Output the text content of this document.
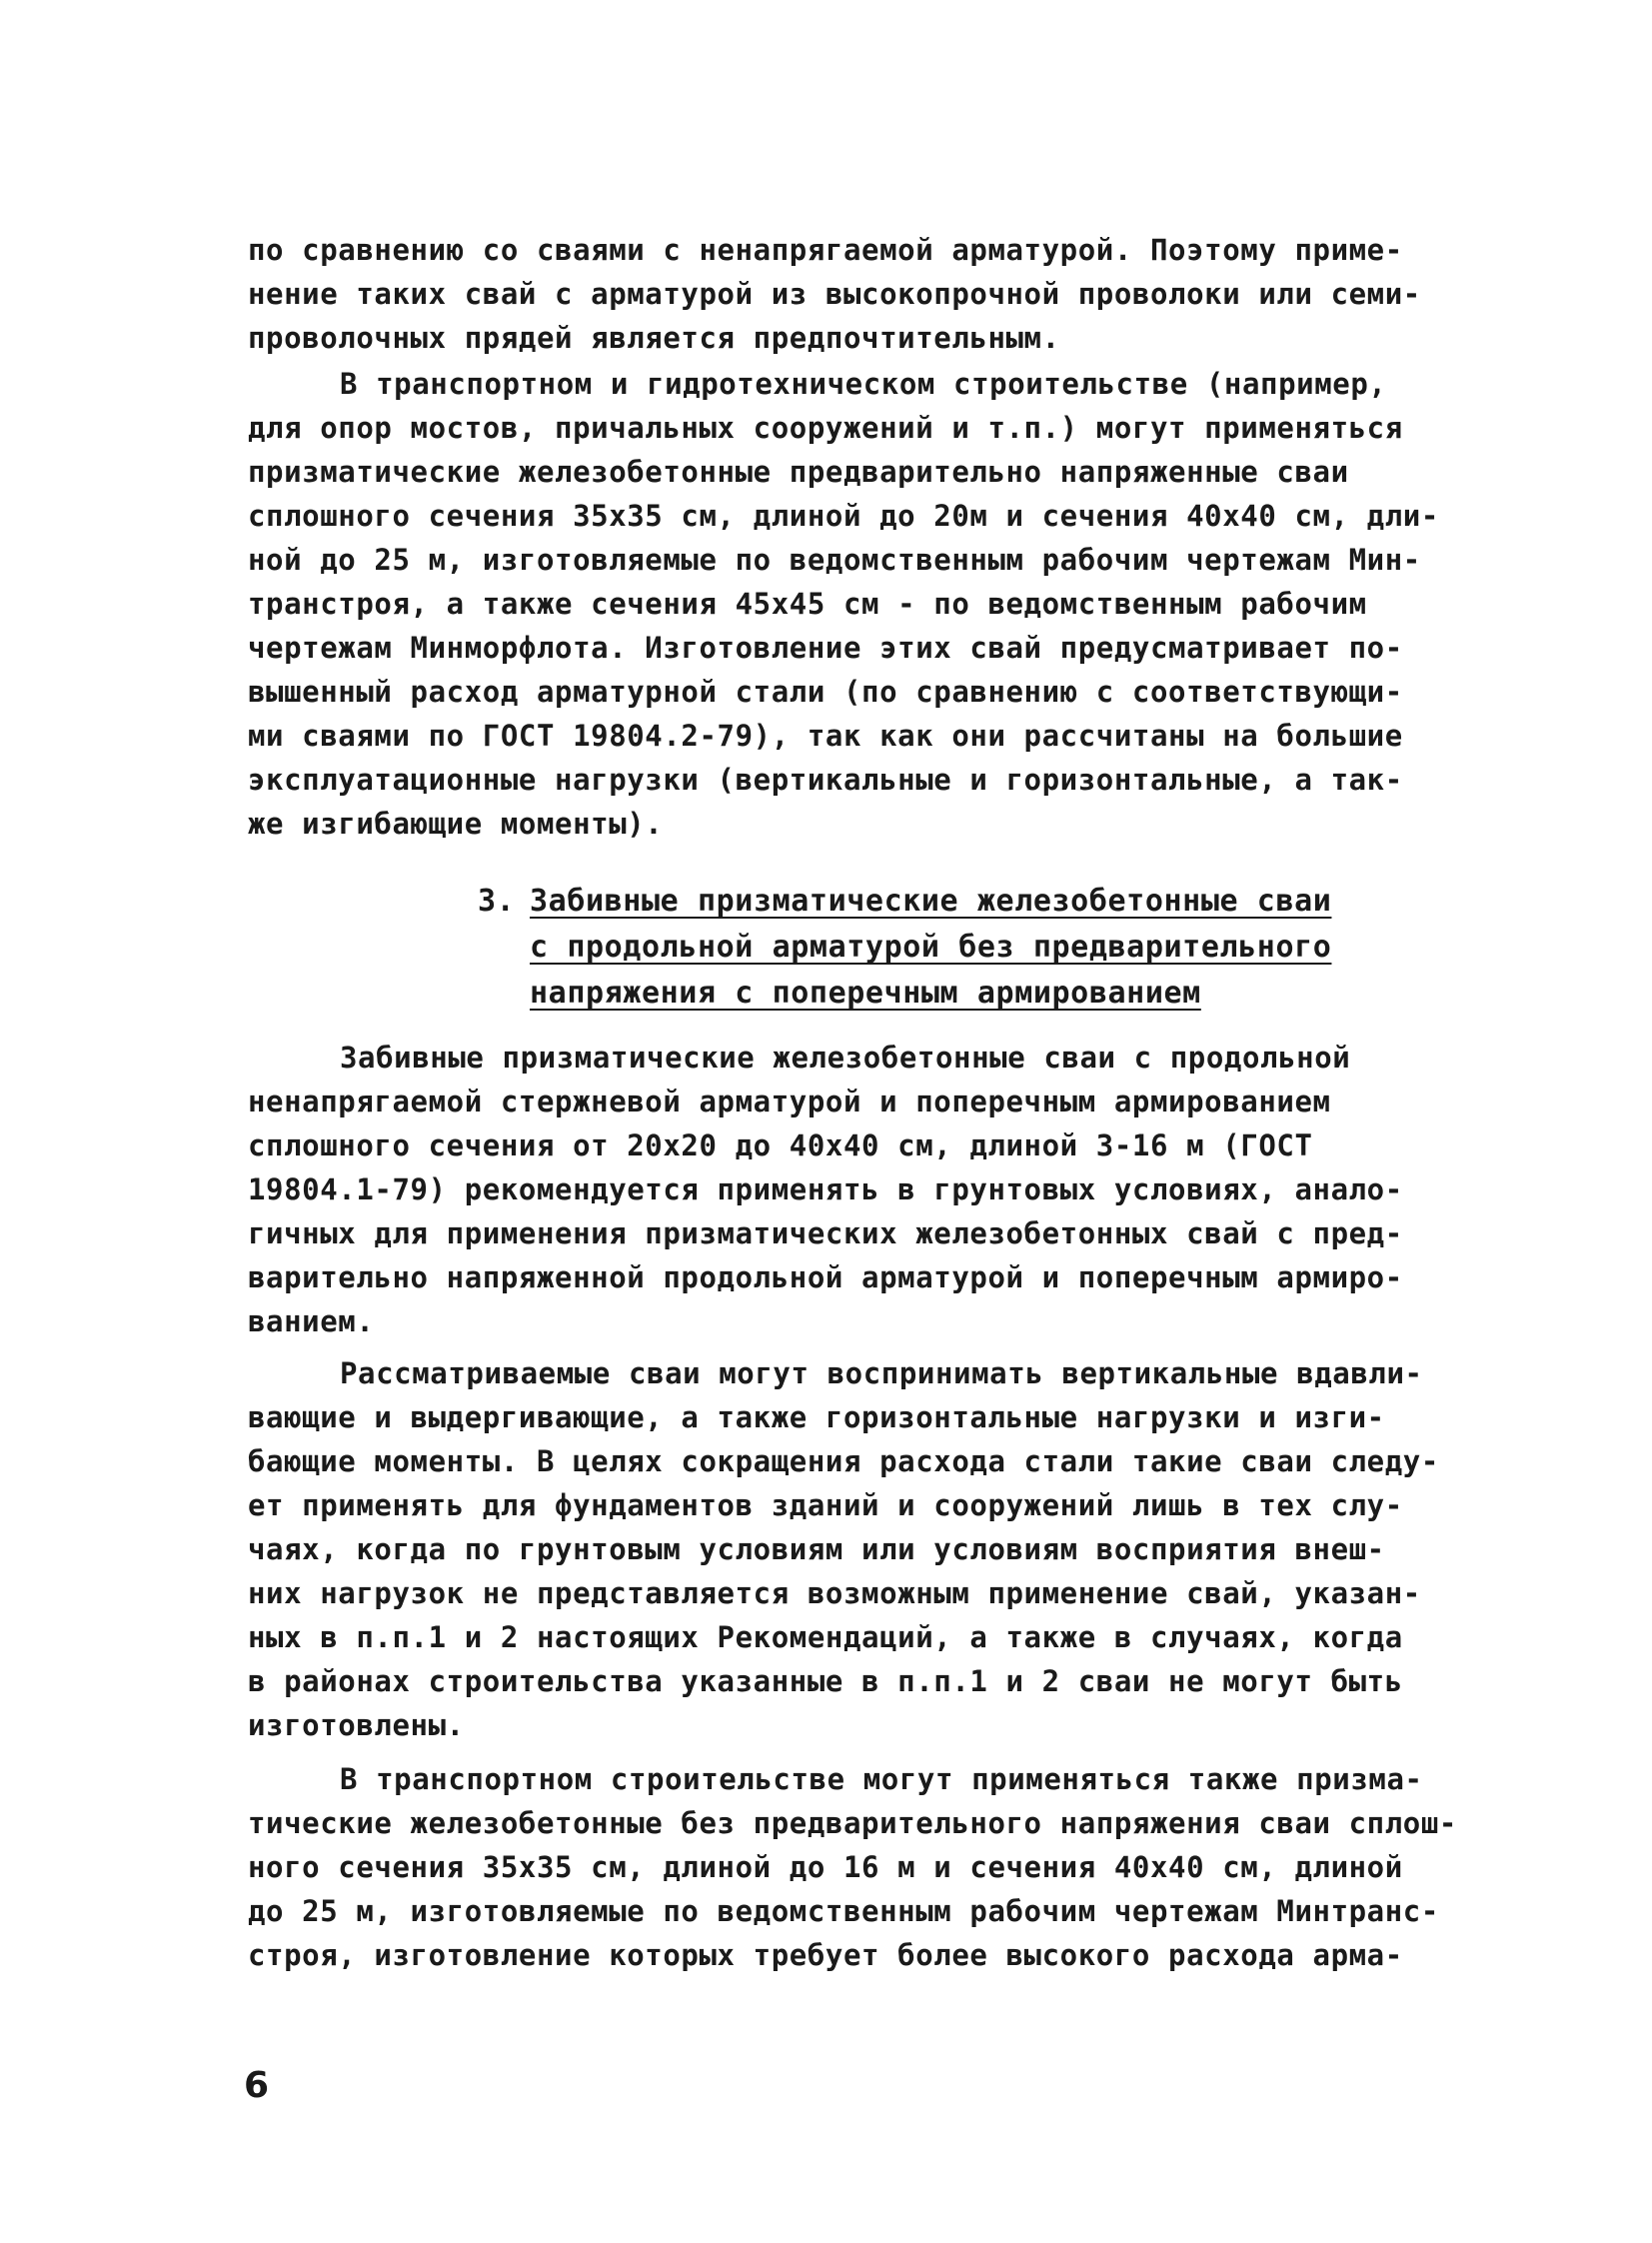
по сравнению со сваями с ненапрягаемой арматурой. Поэтому приме-
нение таких свай с арматурой из высокопрочной проволоки или семи-
проволочных прядей является предпочтительным.
В транспортном и гидротехническом строительстве (например,
для опор мостов, причальных сооружений и т.п.) могут применяться
призматические железобетонные предварительно напряженные сваи
сплошного сечения 35х35 см, длиной до 20м и сечения 40х40 см, дли-
ной до 25 м, изготовляемые по ведомственным рабочим чертежам Мин-
транстроя, а также сечения 45х45 см - по ведомственным рабочим
чертежам Минморфлота. Изготовление этих свай предусматривает по-
вышенный расход арматурной стали (по сравнению с соответствующи-
ми сваями по ГОСТ 19804.2-79), так как они рассчитаны на большие
эксплуатационные нагрузки (вертикальные и горизонтальные, а так-
же изгибающие моменты).
3. Забивные призматические железобетонные сваи
с продольной арматурой без предварительного
напряжения с поперечным армированием
Забивные призматические железобетонные сваи с продольной
ненапрягаемой стержневой арматурой и поперечным армированием
сплошного сечения от 20х20 до 40х40 см, длиной 3-16 м (ГОСТ
19804.1-79) рекомендуется применять в грунтовых условиях, анало-
гичных для применения призматических железобетонных свай с пред-
варительно напряженной продольной арматурой и поперечным армиро-
ванием.
Рассматриваемые сваи могут воспринимать вертикальные вдавли-
вающие и выдергивающие, а также горизонтальные нагрузки и изги-
бающие моменты. В целях сокращения расхода стали такие сваи следу-
ет применять для фундаментов зданий и сооружений лишь в тех слу-
чаях, когда по грунтовым условиям или условиям восприятия внеш-
них нагрузок не представляется возможным применение свай, указан-
ных в п.п.1 и 2 настоящих Рекомендаций, а также в случаях, когда
в районах строительства указанные в п.п.1 и 2 сваи не могут быть
изготовлены.
В транспортном строительстве могут применяться также призма-
тические железобетонные без предварительного напряжения сваи сплош-
ного сечения 35х35 см, длиной до 16 м и сечения 40х40 см, длиной
до 25 м, изготовляемые по ведомственным рабочим чертежам Минтранс-
строя, изготовление которых требует более высокого расхода арма-
6
